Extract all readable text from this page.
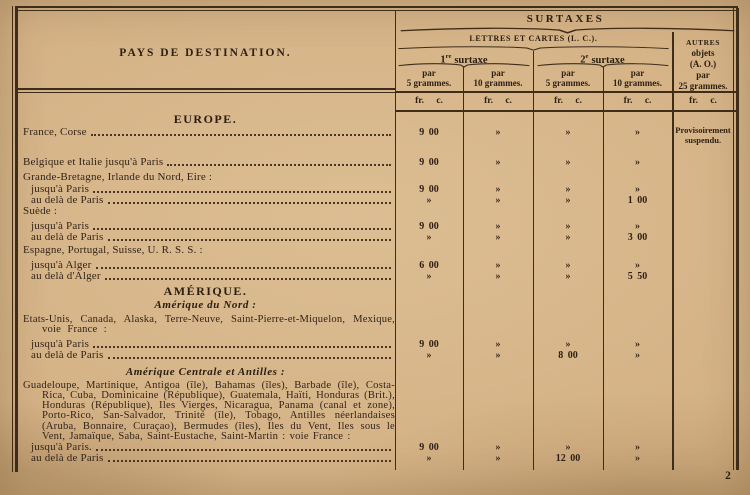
PAYS DE DESTINATION.
SURTAXES
LETTRES ET CARTES (L. C.).
1re surtaxe	2e surtaxe
par
5 grammes.
par
10 grammes.
par
5 grammes.
par
10 grammes.
AUTRES
objets
(A. O.)
par
25 grammes.
fr. c.	fr. c.	fr. c.	fr. c.	fr. c.
EUROPE.
France, Corse	9 00	»	»	»	Provisoirement suspendu.
Belgique et Italie jusqu'à Paris	9 00	»	»	»
Grande-Bretagne, Irlande du Nord, Eire :
jusqu'à Paris	9 00	»	»	»
au delà de Paris	»	»	»	1 00
Suède :
jusqu'à Paris	9 00	»	»	»
au delà de Paris	»	»	»	3 00
Espagne, Portugal, Suisse, U. R. S. S. :
jusqu'à Alger	6 00	»	»	»
au delà d'Alger	»	»	»	5 50
AMÉRIQUE.
Amérique du Nord :
Etats-Unis, Canada, Alaska, Terre-Neuve, Saint-Pierre-et-Miquelon, Mexique, voie France :
jusqu'à Paris	9 00	»	»	»
au delà de Paris	»	»	8 00	»
Amérique Centrale et Antilles :
Guadeloupe, Martinique, Antigoa (île), Bahamas (îles), Barbade (île), Costa-Rica, Cuba, Dominicaine (République), Guatemala, Haïti, Honduras (Brit.), Honduras (République), Iles Vierges, Nicaragua, Panama (canal et zone), Porto-Rico, San-Salvador, Trinité (île), Tobago, Antilles néerlandaises (Aruba, Bonnaire, Curaçao), Bermudes (îles), Iles du Vent, Iles sous le Vent, Jamaïque, Saba, Saint-Eustache, Saint-Martin : voie France :
jusqu'à Paris.	9 00	»	»	»
au delà de Paris	»	»	12 00	»
2
